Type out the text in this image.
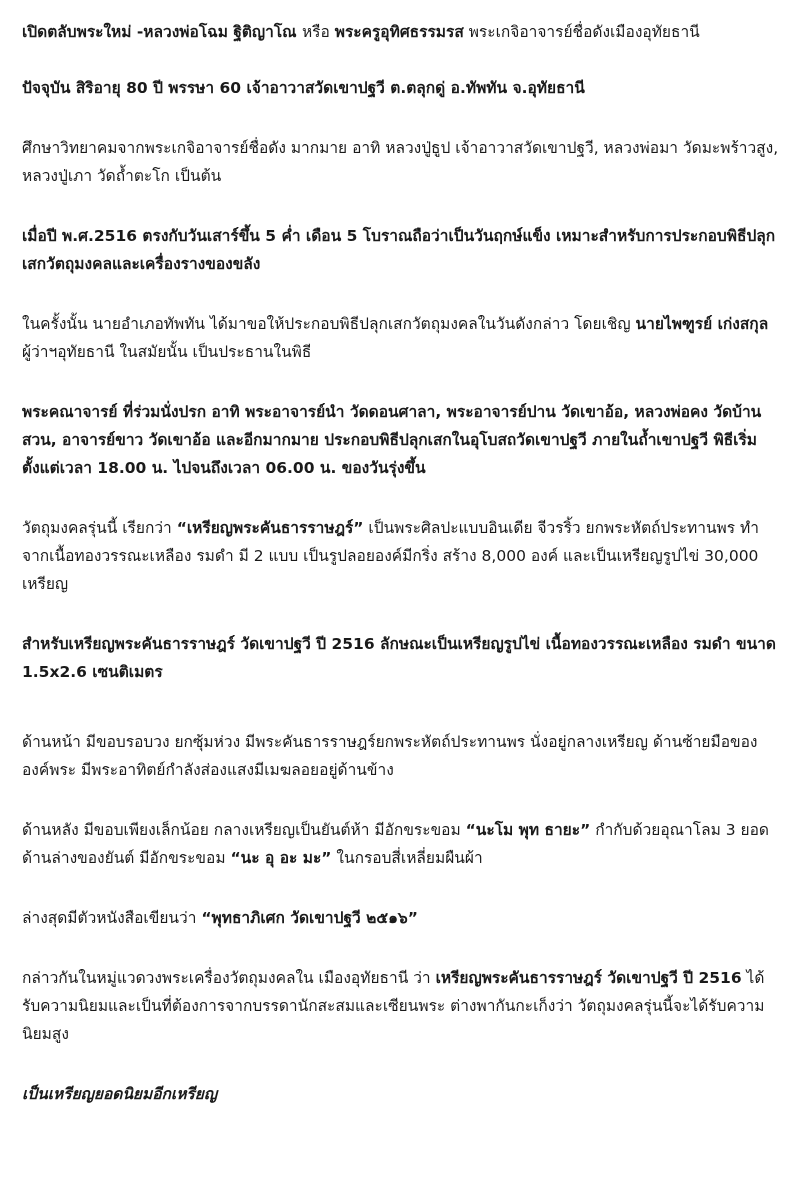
เปิดตลับพระใหม่ -หลวงพ่อโฉม ฐิติญาโณ หรือ พระครูอุทิศธรรมรส พระเกจิอาจารย์ชื่อดังเมืองอุทัยธานี

ปัจจุบัน สิริอายุ 80 ปี พรรษา 60 เจ้าอาวาสวัดเขาปฐวี ต.ตลุกดู่ อ.ทัพทัน จ.อุทัยธานี

ศึกษาวิทยาคมจากพระเกจิอาจารย์ชื่อดัง มากมาย อาทิ หลวงปู่ธูป เจ้าอาวาสวัดเขาปฐวี, หลวงพ่อมา วัดมะพร้าวสูง, หลวงปู่เภา วัดถ้ำตะโก เป็นต้น

เมื่อปี พ.ศ.2516 ตรงกับวันเสาร์ขึ้น 5 ค่ำ เดือน 5 โบราณถือว่าเป็นวันฤกษ์แข็ง เหมาะสำหรับการประกอบพิธีปลุกเสกวัตถุมงคลและเครื่องรางของขลัง

ในครั้งนั้น นายอำเภอทัพทัน ได้มาขอให้ประกอบพิธีปลุกเสกวัตถุมงคลในวันดังกล่าว โดยเชิญ นายไพฑูรย์ เก่งสกุล ผู้ว่าฯอุทัยธานี ในสมัยนั้น เป็นประธานในพิธี

พระคณาจารย์ ที่ร่วมนั่งปรก อาทิ พระอาจารย์นำ วัดดอนศาลา, พระอาจารย์ปาน วัดเขาอ้อ, หลวงพ่อคง วัดบ้านสวน, อาจารย์ขาว วัดเขาอ้อ และอีกมากมาย ประกอบพิธีปลุกเสกในอุโบสถวัดเขาปฐวี ภายในถ้ำเขาปฐวี พิธีเริ่มตั้งแต่เวลา 18.00 น. ไปจนถึงเวลา 06.00 น. ของวันรุ่งขึ้น

วัตถุมงคลรุ่นนี้ เรียกว่า “เหรียญพระคันธารราษฎร์” เป็นพระศิลปะแบบอินเดีย จีวรริ้ว ยกพระหัตถ์ประทานพร ทำจากเนื้อทองวรรณะเหลือง รมดำ มี 2 แบบ เป็นรูปลอยองค์มีกริ่ง สร้าง 8,000 องค์ และเป็นเหรียญรูปไข่ 30,000 เหรียญ

สำหรับเหรียญพระคันธารราษฎร์ วัดเขาปฐวี ปี 2516 ลักษณะเป็นเหรียญรูปไข่ เนื้อทองวรรณะเหลือง รมดำ ขนาด 1.5x2.6 เซนติเมตร

ด้านหน้า มีขอบรอบวง ยกซุ้มห่วง มีพระคันธารราษฎร์ยกพระหัตถ์ประทานพร นั่งอยู่กลางเหรียญ ด้านซ้ายมือขององค์พระ มีพระอาทิตย์กำลังส่องแสงมีเมฆลอยอยู่ด้านข้าง

ด้านหลัง มีขอบเพียงเล็กน้อย กลางเหรียญเป็นยันต์ห้า มีอักขระขอม “นะโม พุท ธายะ” กำกับด้วยอุณาโลม 3 ยอด ด้านล่างของยันต์ มีอักขระขอม “นะ อุ อะ มะ” ในกรอบสี่เหลี่ยมผืนผ้า

ล่างสุดมีตัวหนังสือเขียนว่า “พุทธาภิเศก วัดเขาปฐวี ๒๕๑๖”

กล่าวกันในหมู่แวดวงพระเครื่องวัตถุมงคลใน เมืองอุทัยธานี ว่า เหรียญพระคันธารราษฎร์ วัดเขาปฐวี ปี 2516 ได้รับความนิยมและเป็นที่ต้องการจากบรรดานักสะสมและเซียนพระ ต่างพากันกะเก็งว่า วัตถุมงคลรุ่นนี้จะได้รับความนิยมสูง

เป็นเหรียญยอดนิยมอีกเหรียญ
